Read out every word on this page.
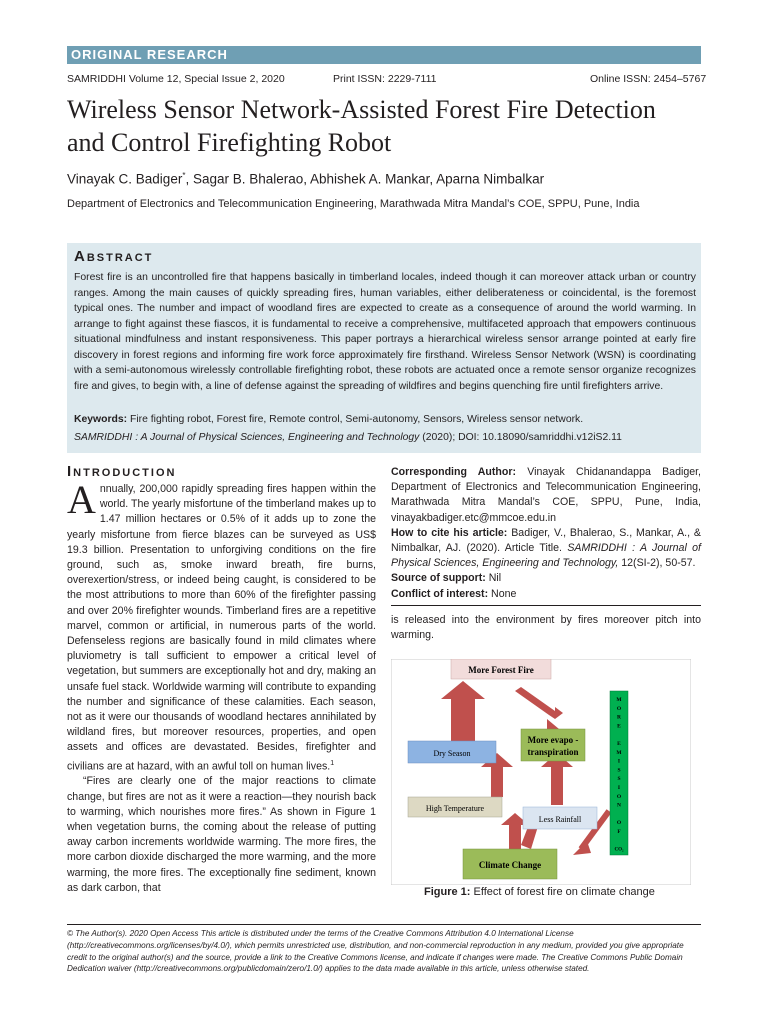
ORIGINAL RESEARCH
SAMRIDDHI Volume 12, Special Issue 2, 2020	Print ISSN: 2229-7111	Online ISSN: 2454–5767
Wireless Sensor Network-Assisted Forest Fire Detection
and Control Firefighting Robot
Vinayak C. Badiger*, Sagar B. Bhalerao, Abhishek A. Mankar, Aparna Nimbalkar
Department of Electronics and Telecommunication Engineering, Marathwada Mitra Mandal’s COE, SPPU, Pune, India
Abstract

Forest fire is an uncontrolled fire that happens basically in timberland locales, indeed though it can moreover attack urban or country ranges. Among the main causes of quickly spreading fires, human variables, either deliberateness or coincidental, is the foremost typical ones. The number and impact of woodland fires are expected to create as a consequence of around the world warming. In arrange to fight against these fiascos, it is fundamental to receive a comprehensive, multifaceted approach that empowers continuous situational mindfulness and instant responsiveness. This paper portrays a hierarchical wireless sensor arrange pointed at early fire discovery in forest regions and informing fire work force approximately fire firsthand. Wireless Sensor Network (WSN) is coordinating with a semi-autonomous wirelessly controllable firefighting robot, these robots are actuated once a remote sensor organize recognizes fire and gives, to begin with, a line of defense against the spreading of wildfires and begins quenching fire until firefighters arrive.

Keywords: Fire fighting robot, Forest fire, Remote control, Semi-autonomy, Sensors, Wireless sensor network.
SAMRIDDHI : A Journal of Physical Sciences, Engineering and Technology (2020); DOI: 10.18090/samriddhi.v12iS2.11
Introduction

Annually, 200,000 rapidly spreading fires happen within the world. The yearly misfortune of the timberland makes up to 1.47 million hectares or 0.5% of it adds up to zone the yearly misfortune from fierce blazes can be surveyed as US$ 19.3 billion. Presentation to unforgiving conditions on the fire ground, such as, smoke inward breath, fire burns, overexertion/stress, or indeed being caught, is considered to be the most attributions to more than 60% of the firefighter passing and over 20% firefighter wounds. Timberland fires are a repetitive marvel, common or artificial, in numerous parts of the world. Defenseless regions are basically found in mild climates where pluviometry is tall sufficient to empower a critical level of vegetation, but summers are exceptionally hot and dry, making an unsafe fuel stack. Worldwide warming will contribute to expanding the number and significance of these calamities. Each season, not as it were our thousands of woodland hectares annihilated by wildland fires, but moreover resources, properties, and open assets and offices are devastated. Besides, firefighter and civilians are at hazard, with an awful toll on human lives.$^1$

“Fires are clearly one of the major reactions to climate change, but fires are not as it were a reaction—they nourish back to warming, which nourishes more fires.” As shown in Figure 1 when vegetation burns, the coming about the release of putting away carbon increments worldwide warming. The more fires, the more carbon dioxide discharged the more warming, and the more warming, the more fires. The exceptionally fine sediment, known as dark carbon, that

Corresponding Author: Vinayak Chidanandappa Badiger, Department of Electronics and Telecommunication Engineering, Marathwada Mitra Mandal’s COE, SPPU, Pune, India, vinayakbadiger.etc@mmcoe.edu.in

How to cite his article: Badiger, V., Bhalerao, S., Mankar, A., & Nimbalkar, AJ. (2020). Article Title. SAMRIDDHI : A Journal of Physical Sciences, Engineering and Technology, 12(SI-2), 50-57.

Source of support: Nil

Conflict of interest: None

is released into the environment by fires moreover pitch into warming.

More Forest Fire
More evapo -
transpiration
Dry Season
High Temperature
Less Rainfall
Climate Change
M
O
R
E
E
M
I
S
S
I
O
N
O
F
CO₂
Figure 1: Effect of forest fire on climate change
© The Author(s). 2020 Open Access This article is distributed under the terms of the Creative Commons Attribution 4.0 International License (http://creativecommons.org/licenses/by/4.0/), which permits unrestricted use, distribution, and non-commercial reproduction in any medium, provided you give appropriate credit to the original author(s) and the source, provide a link to the Creative Commons license, and indicate if changes were made. The Creative Commons Public Domain Dedication waiver (http://creativecommons.org/publicdomain/zero/1.0/) applies to the data made available in this article, unless otherwise stated.
